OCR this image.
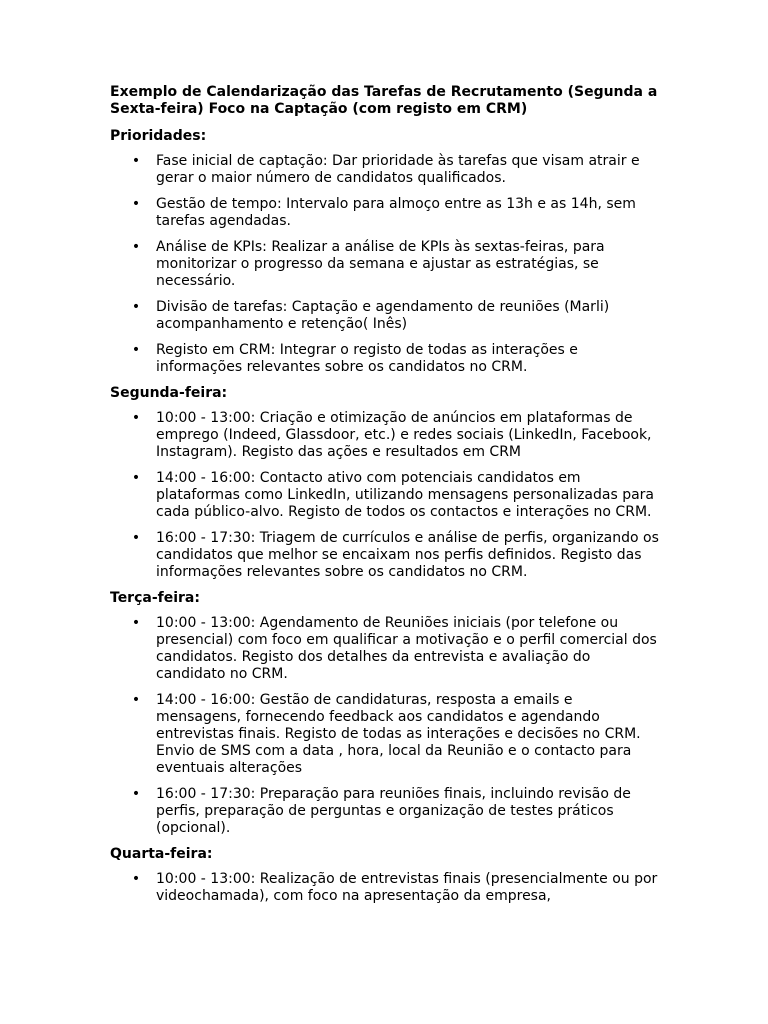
Exemplo de Calendarização das Tarefas de Recrutamento (Segunda a Sexta-feira) Foco na Captação (com registo em CRM)
Prioridades:
• Fase inicial de captação: Dar prioridade às tarefas que visam atrair e gerar o maior número de candidatos qualificados.
• Gestão de tempo: Intervalo para almoço entre as 13h e as 14h, sem tarefas agendadas.
• Análise de KPIs: Realizar a análise de KPIs às sextas-feiras, para monitorizar o progresso da semana e ajustar as estratégias, se necessário.
• Divisão de tarefas: Captação e agendamento de reuniões (Marli) acompanhamento e retenção( Inês)
• Registo em CRM: Integrar o registo de todas as interações e informações relevantes sobre os candidatos no CRM.
Segunda-feira:
• 10:00 - 13:00: Criação e otimização de anúncios em plataformas de emprego (Indeed, Glassdoor, etc.) e redes sociais (LinkedIn, Facebook, Instagram). Registo das ações e resultados em CRM
• 14:00 - 16:00: Contacto ativo com potenciais candidatos em plataformas como LinkedIn, utilizando mensagens personalizadas para cada público-alvo. Registo de todos os contactos e interações no CRM.
• 16:00 - 17:30: Triagem de currículos e análise de perfis, organizando os candidatos que melhor se encaixam nos perfis definidos. Registo das informações relevantes sobre os candidatos no CRM.
Terça-feira:
• 10:00 - 13:00: Agendamento de Reuniões iniciais (por telefone ou presencial) com foco em qualificar a motivação e o perfil comercial dos candidatos. Registo dos detalhes da entrevista e avaliação do candidato no CRM.
• 14:00 - 16:00: Gestão de candidaturas, resposta a emails e mensagens, fornecendo feedback aos candidatos e agendando entrevistas finais. Registo de todas as interações e decisões no CRM. Envio de SMS com a data , hora, local da Reunião e o contacto para eventuais alterações
• 16:00 - 17:30: Preparação para reuniões finais, incluindo revisão de perfis, preparação de perguntas e organização de testes práticos (opcional).
Quarta-feira:
• 10:00 - 13:00: Realização de entrevistas finais (presencialmente ou por videochamada), com foco na apresentação da empresa,
